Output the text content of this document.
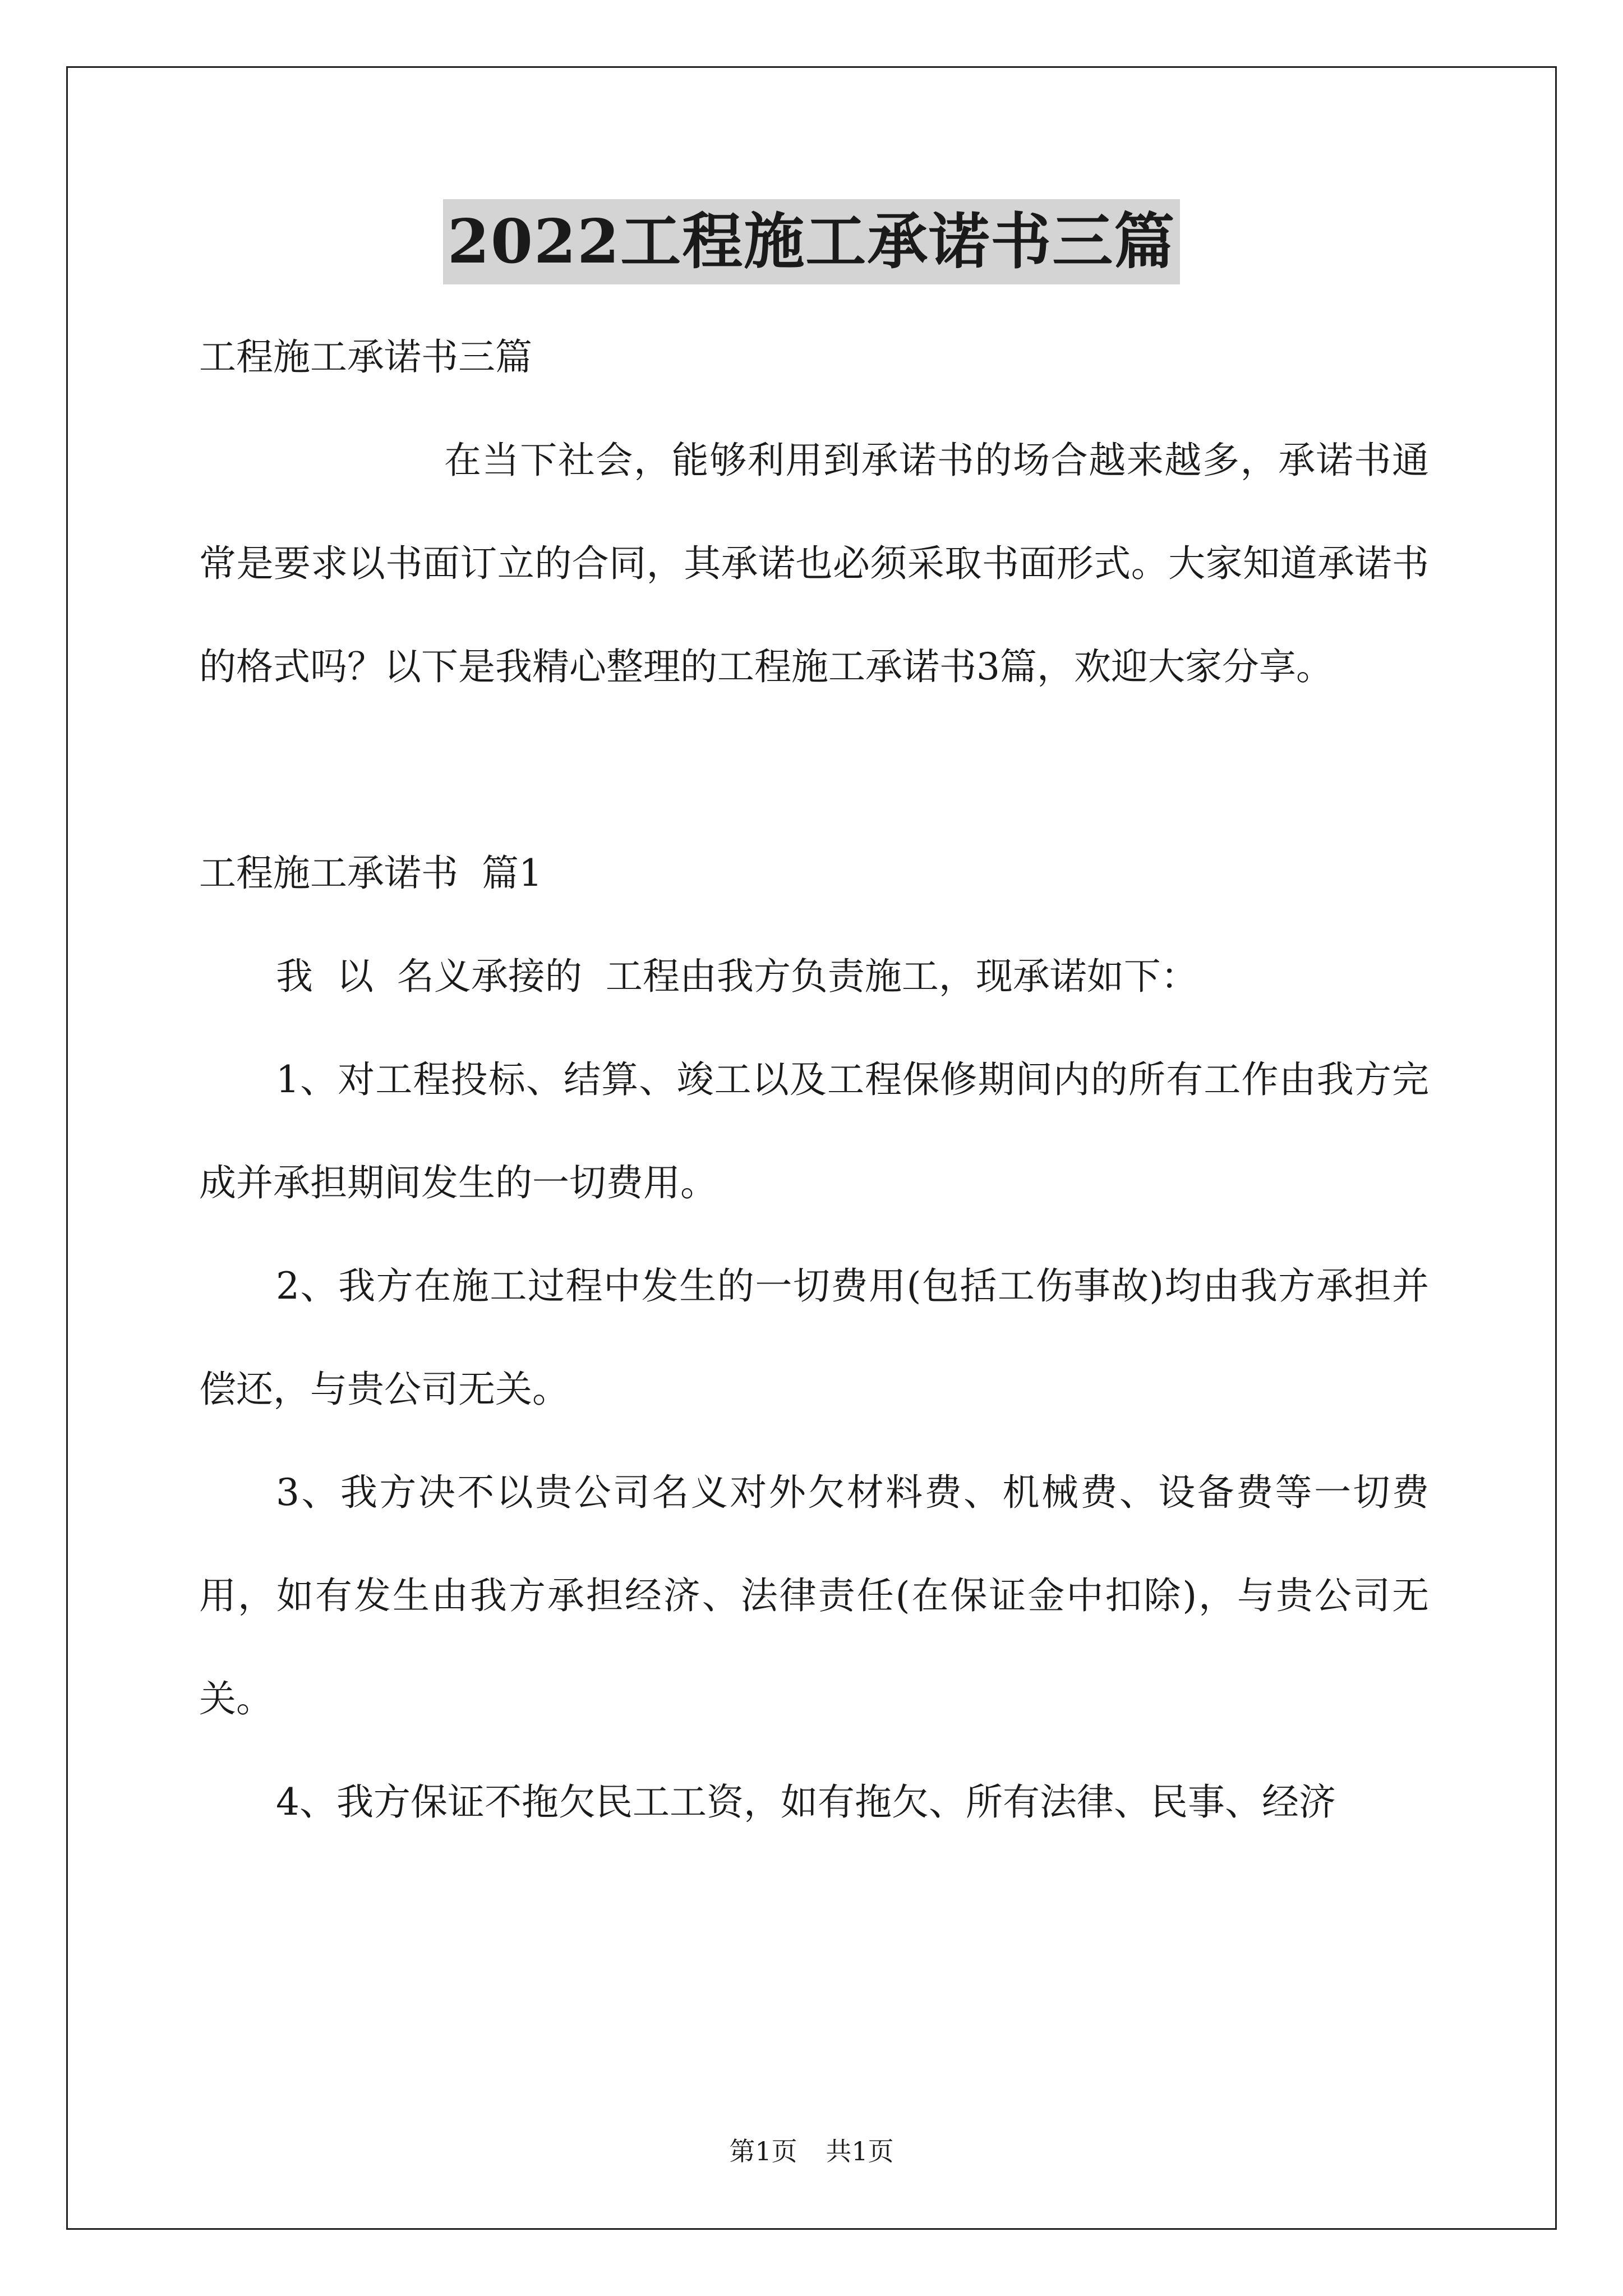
2022工程施工承诺书三篇

工程施工承诺书三篇

在当下社会，能够利用到承诺书的场合越来越多，承诺书通常是要求以书面订立的合同，其承诺也必须采取书面形式。大家知道承诺书的格式吗？以下是我精心整理的工程施工承诺书3篇，欢迎大家分享。

工程施工承诺书  篇1

我  以  名义承接的  工程由我方负责施工，现承诺如下：

1、对工程投标、结算、竣工以及工程保修期间内的所有工作由我方完成并承担期间发生的一切费用。

2、我方在施工过程中发生的一切费用(包括工伤事故)均由我方承担并偿还，与贵公司无关。

3、我方决不以贵公司名义对外欠材料费、机械费、设备费等一切费用，如有发生由我方承担经济、法律责任(在保证金中扣除)，与贵公司无关。

4、我方保证不拖欠民工工资，如有拖欠、所有法律、民事、经济

第1页 共1页
